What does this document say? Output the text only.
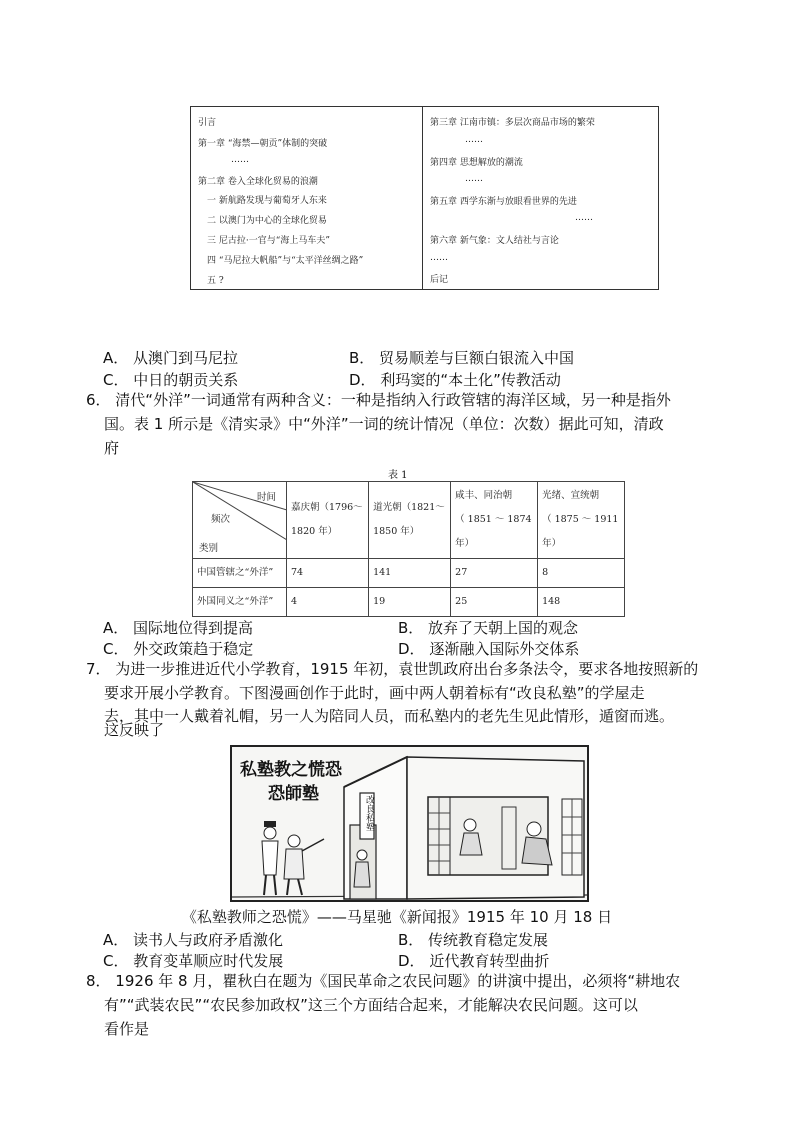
引言
第一章 “海禁—朝贡”体制的突破
……
第二章 卷入全球化贸易的浪潮
一 新航路发现与葡萄牙人东来
二 以澳门为中心的全球化贸易
三 尼古拉·一官与“海上马车夫”
四 “马尼拉大帆船”与“太平洋丝绸之路”
五 ?
第三章 江南市镇：多层次商品市场的繁荣
……
第四章 思想解放的潮流
……
第五章 西学东渐与放眼看世界的先进
……
第六章 新气象：文人结社与言论
……
后记
A． 从澳门到马尼拉	B． 贸易顺差与巨额白银流入中国
C． 中日的朝贡关系	D． 利玛窦的“本土化”传教活动
6． 清代“外洋”一词通常有两种含义：一种是指纳入行政管辖的海洋区域，另一种是指外
国。表 1 所示是《清实录》中“外洋”一词的统计情况（单位：次数）据此可知，清政
府
表 1
时间
频次
类别	嘉庆朝（1796～
1820 年）	道光朝（1821～
1850 年）	咸丰、同治朝
（ 1851 ～ 1874
年）	光绪、宣统朝
（ 1875 ～ 1911
年）
中国管辖之“外洋”	74	141	27	8
外国同义之“外洋”	4	19	25	148
A． 国际地位得到提高	B． 放弃了天朝上国的观念
C． 外交政策趋于稳定	D． 逐渐融入国际外交体系
7． 为进一步推进近代小学教育，1915 年初，袁世凯政府出台多条法令，要求各地按照新的
要求开展小学教育。下图漫画创作于此时，画中两人朝着标有“改良私塾”的学屋走
去，其中一人戴着礼帽，另一人为陪同人员，而私塾内的老先生见此情形，遁窗而逃。
这反映了
私塾教之慌恐
恐師塾
改良私塾
《私塾教师之恐慌》——马星驰《新闻报》1915 年 10 月 18 日
A． 读书人与政府矛盾激化	B． 传统教育稳定发展
C． 教育变革顺应时代发展	D． 近代教育转型曲折
8． 1926 年 8 月，瞿秋白在题为《国民革命之农民问题》的讲演中提出，必须将“耕地农
有”“武装农民”“农民参加政权”这三个方面结合起来，才能解决农民问题。这可以
看作是
